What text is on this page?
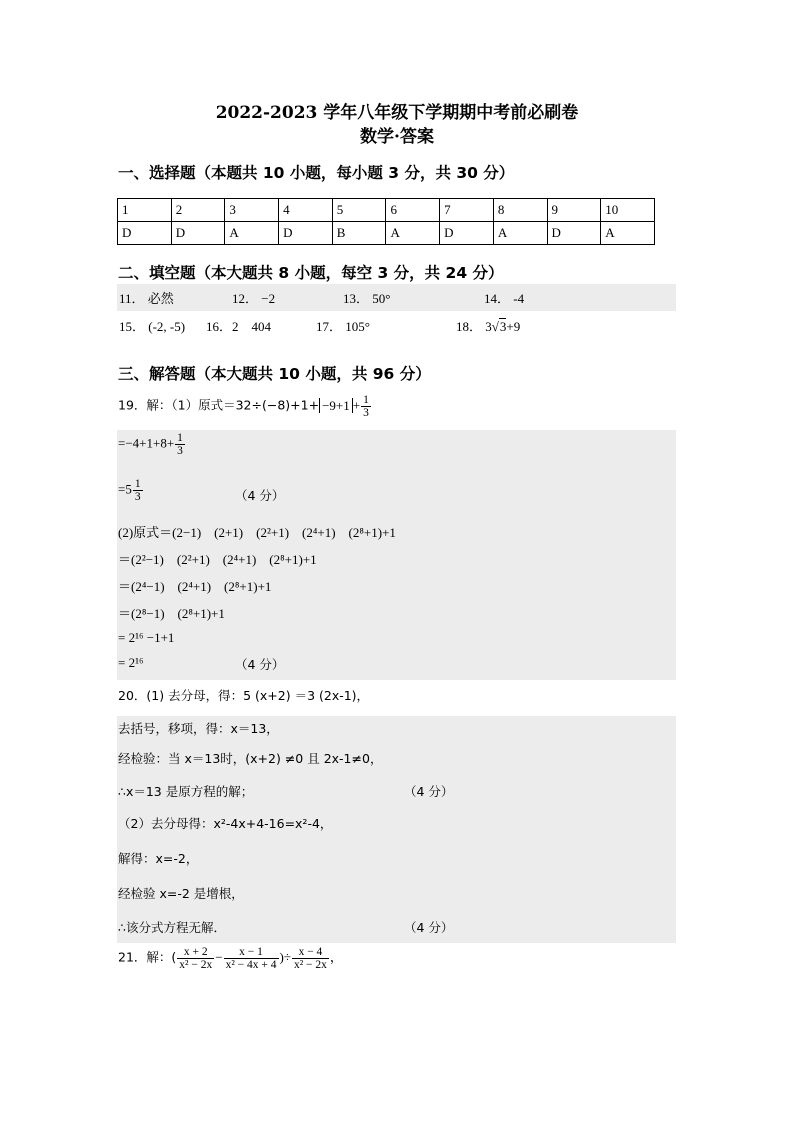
2022-2023 学年八年级下学期期中考前必刷卷
数学·答案
一、选择题（本题共 10 小题，每小题 3 分，共 30 分）
1	2	3	4	5	6	7	8	9	10
D	D	A	D	B	A	D	A	D	A
二、填空题（本大题共 8 小题，每空 3 分，共 24 分）
11． 必然	12． −2	13． 50°	14． -4
15． (-2, -5) 16．2　404	17． 105°	18． 3√3+9
三、解答题（本大题共 10 小题，共 96 分）
19．解：（1）原式$=32\div(-8)+1+ -9+1 + \frac{1}{3}$
$=-4+1+8+ \frac{1}{3}$
$=5 \frac{1}{3}$	（4 分）
(2)原式＝(2−1)　(2+1)　(2²+1)　(2⁴+1)　(2⁸+1)+1
＝(2²−1)　(2²+1)　(2⁴+1)　(2⁸+1)+1
＝(2⁴−1)　(2⁴+1)　(2⁸+1)+1
＝(2⁸−1)　(2⁸+1)+1
= 2¹⁶ −1+1
= 2¹⁶	（4 分）
20．(1) 去分母，得：5 (x+2) ＝3 (2x-1)，
去括号，移项，得：x＝13，
经检验：当 x＝13时，(x+2) ≠0 且 2x-1≠0，
∴x＝13 是原方程的解；	（4 分）
（2）去分母得：x²-4x+4-16=x²-4，
解得：x=-2，
经检验 x=-2 是增根，
∴该分式方程无解．	（4 分）
21．解：( $\frac{x + 2}{\text{x² − 2x}} - \frac{x - 1}{\text{x² − 4x + 4}}$ )÷ $\frac{x - 4}{\text{x² − 2x}}$ ，
